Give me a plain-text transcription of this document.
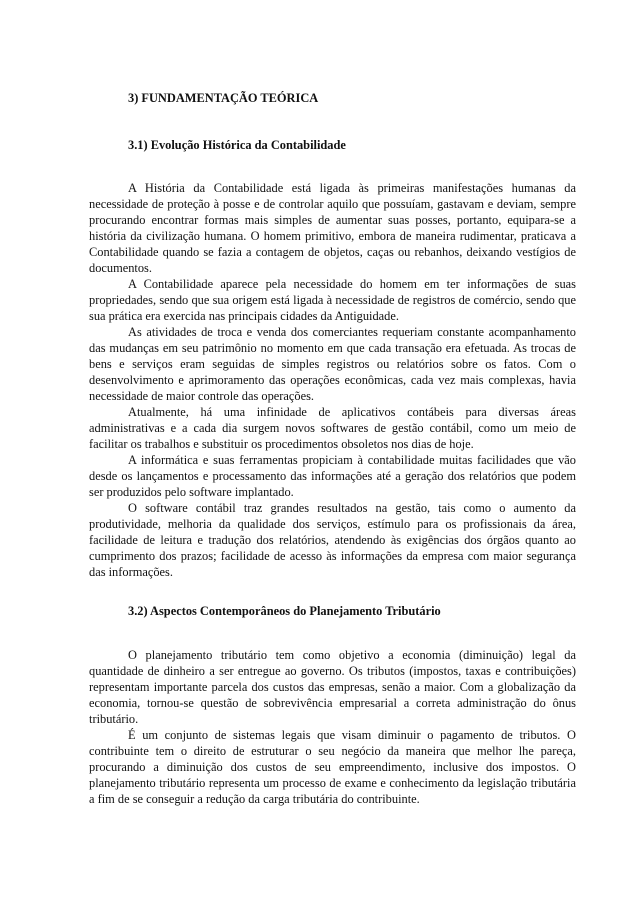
3) FUNDAMENTAÇÃO TEÓRICA
3.1) Evolução Histórica da Contabilidade

A História da Contabilidade está ligada às primeiras manifestações humanas da necessidade de proteção à posse e de controlar aquilo que possuíam, gastavam e deviam, sempre procurando encontrar formas mais simples de aumentar suas posses, portanto, equipara-se a história da civilização humana. O homem primitivo, embora de maneira rudimentar, praticava a Contabilidade quando se fazia a contagem de objetos, caças ou rebanhos, deixando vestígios de documentos.

A Contabilidade aparece pela necessidade do homem em ter informações de suas propriedades, sendo que sua origem está ligada à necessidade de registros de comércio, sendo que sua prática era exercida nas principais cidades da Antiguidade.

As atividades de troca e venda dos comerciantes requeriam constante acompanhamento das mudanças em seu patrimônio no momento em que cada transação era efetuada. As trocas de bens e serviços eram seguidas de simples registros ou relatórios sobre os fatos. Com o desenvolvimento e aprimoramento das operações econômicas, cada vez mais complexas, havia necessidade de maior controle das operações.

Atualmente, há uma infinidade de aplicativos contábeis para diversas áreas administrativas e a cada dia surgem novos softwares de gestão contábil, como um meio de facilitar os trabalhos e substituir os procedimentos obsoletos nos dias de hoje.

A informática e suas ferramentas propiciam à contabilidade muitas facilidades que vão desde os lançamentos e processamento das informações até a geração dos relatórios que podem ser produzidos pelo software implantado.

O software contábil traz grandes resultados na gestão, tais como o aumento da produtividade, melhoria da qualidade dos serviços, estímulo para os profissionais da área, facilidade de leitura e tradução dos relatórios, atendendo às exigências dos órgãos quanto ao cumprimento dos prazos; facilidade de acesso às informações da empresa com maior segurança das informações.

3.2) Aspectos Contemporâneos do Planejamento Tributário

O planejamento tributário tem como objetivo a economia (diminuição) legal da quantidade de dinheiro a ser entregue ao governo. Os tributos (impostos, taxas e contribuições) representam importante parcela dos custos das empresas, senão a maior. Com a globalização da economia, tornou-se questão de sobrevivência empresarial a correta administração do ônus tributário.

É um conjunto de sistemas legais que visam diminuir o pagamento de tributos. O contribuinte tem o direito de estruturar o seu negócio da maneira que melhor lhe pareça, procurando a diminuição dos custos de seu empreendimento, inclusive dos impostos. O planejamento tributário representa um processo de exame e conhecimento da legislação tributária a fim de se conseguir a redução da carga tributária do contribuinte.
